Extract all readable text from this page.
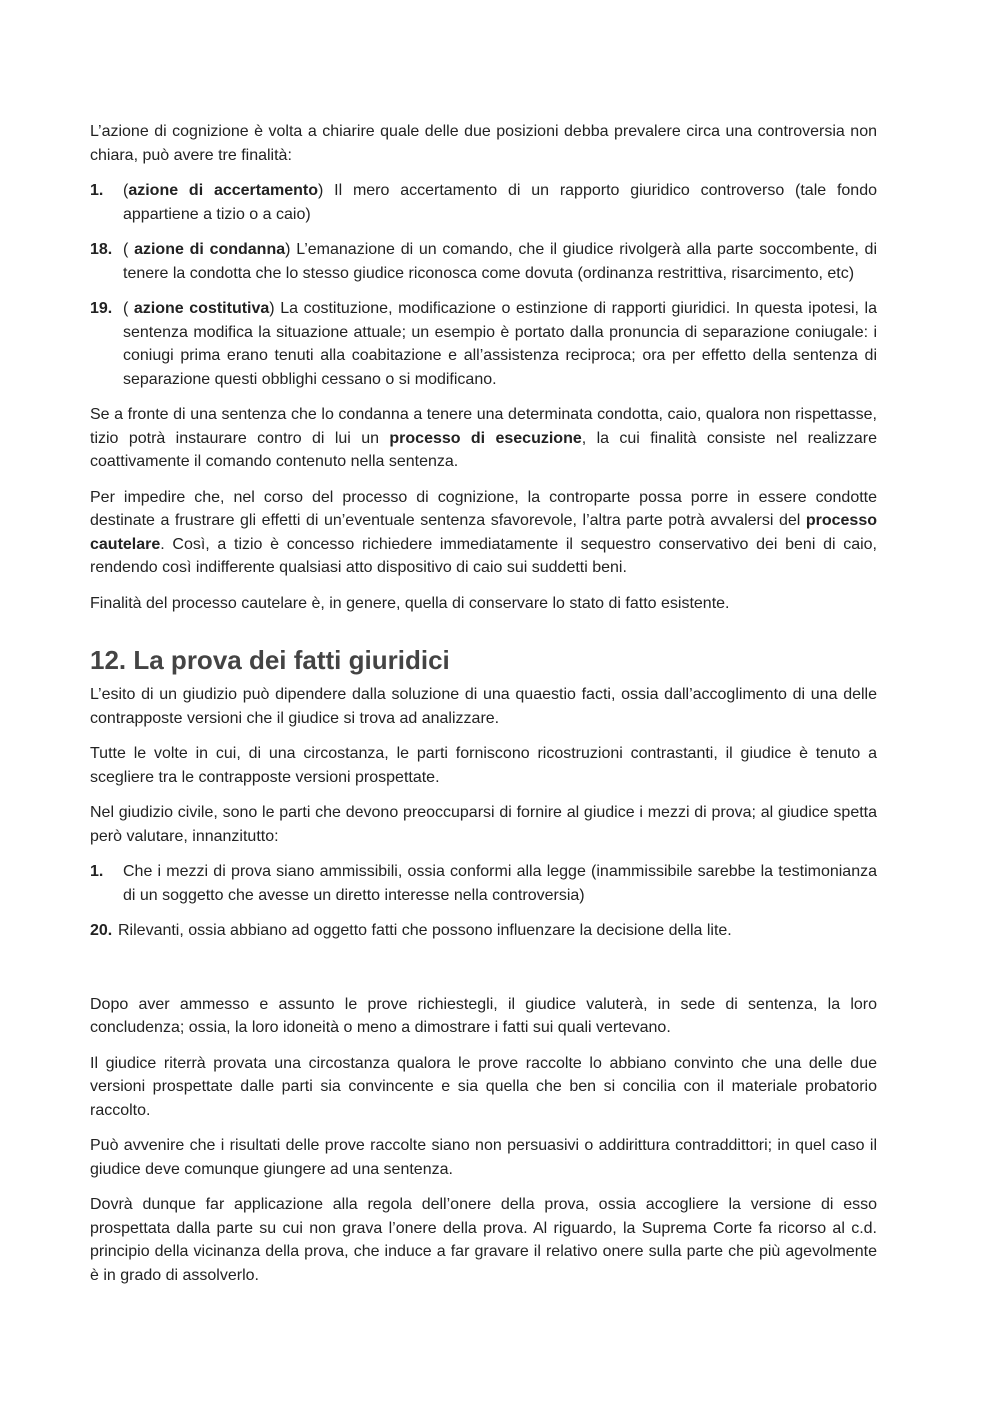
L’azione di cognizione è volta a chiarire quale delle due posizioni debba prevalere circa una controversia non chiara, può avere tre finalità:

1. (azione di accertamento) Il mero accertamento di un rapporto giuridico controverso (tale fondo appartiene a tizio o a caio)
18. ( azione di condanna) L’emanazione di un comando, che il giudice rivolgerà alla parte soccombente, di tenere la condotta che lo stesso giudice riconosca come dovuta (ordinanza restrittiva, risarcimento, etc)
19. ( azione costitutiva) La costituzione, modificazione o estinzione di rapporti giuridici. In questa ipotesi, la sentenza modifica la situazione attuale; un esempio è portato dalla pronuncia di separazione coniugale: i coniugi prima erano tenuti alla coabitazione e all’assistenza reciproca; ora per effetto della sentenza di separazione questi obblighi cessano o si modificano.

Se a fronte di una sentenza che lo condanna a tenere una determinata condotta, caio, qualora non rispettasse, tizio potrà instaurare contro di lui un processo di esecuzione, la cui finalità consiste nel realizzare coattivamente il comando contenuto nella sentenza.

Per impedire che, nel corso del processo di cognizione, la controparte possa porre in essere condotte destinate a frustrare gli effetti di un’eventuale sentenza sfavorevole, l’altra parte potrà avvalersi del processo cautelare. Così, a tizio è concesso richiedere immediatamente il sequestro conservativo dei beni di caio, rendendo così indifferente qualsiasi atto dispositivo di caio sui suddetti beni.

Finalità del processo cautelare è, in genere, quella di conservare lo stato di fatto esistente.

12. La prova dei fatti giuridici

L’esito di un giudizio può dipendere dalla soluzione di una quaestio facti, ossia dall’accoglimento di una delle contrapposte versioni che il giudice si trova ad analizzare.

Tutte le volte in cui, di una circostanza, le parti forniscono ricostruzioni contrastanti, il giudice è tenuto a scegliere tra le contrapposte versioni prospettate.

Nel giudizio civile, sono le parti che devono preoccuparsi di fornire al giudice i mezzi di prova; al giudice spetta però valutare, innanzitutto:

1. Che i mezzi di prova siano ammissibili, ossia conformi alla legge (inammissibile sarebbe la testimonianza di un soggetto che avesse un diretto interesse nella controversia)
20. Rilevanti, ossia abbiano ad oggetto fatti che possono influenzare la decisione della lite.

Dopo aver ammesso e assunto le prove richiestegli, il giudice valuterà, in sede di sentenza, la loro concludenza; ossia, la loro idoneità o meno a dimostrare i fatti sui quali vertevano.

Il giudice riterrà provata una circostanza qualora le prove raccolte lo abbiano convinto che una delle due versioni prospettate dalle parti sia convincente e sia quella che ben si concilia con il materiale probatorio raccolto.

Può avvenire che i risultati delle prove raccolte siano non persuasivi o addirittura contraddittori; in quel caso il giudice deve comunque giungere ad una sentenza.

Dovrà dunque far applicazione alla regola dell’onere della prova, ossia accogliere la versione di esso prospettata dalla parte su cui non grava l’onere della prova. Al riguardo, la Suprema Corte fa ricorso al c.d. principio della vicinanza della prova, che induce a far gravare il relativo onere sulla parte che più agevolmente è in grado di assolverlo.
